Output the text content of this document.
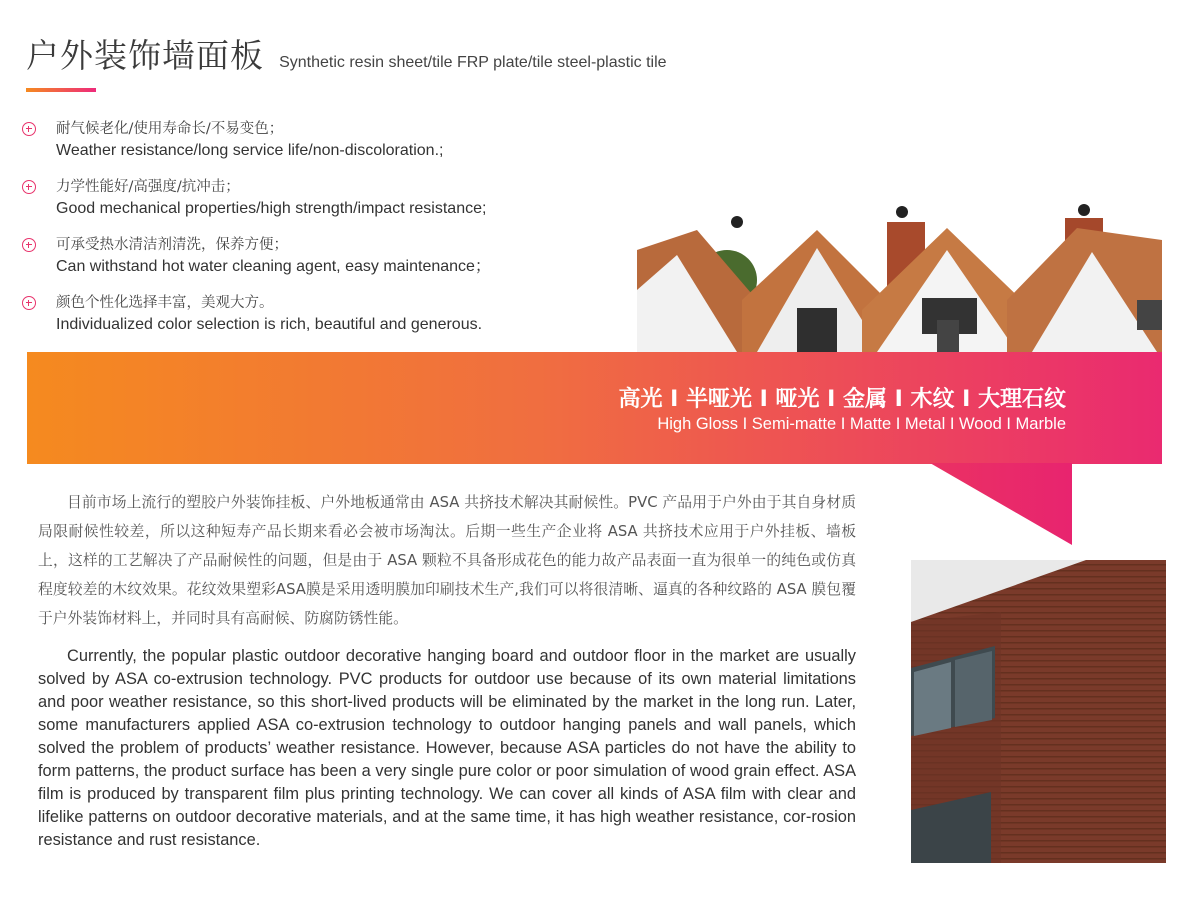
户外装饰墙面板 Synthetic resin sheet/tile FRP plate/tile steel-plastic tile
耐气候老化/使用寿命长/不易变色；
Weather resistance/long service life/non-discoloration.;
力学性能好/高强度/抗冲击；
Good mechanical properties/high strength/impact resistance;
可承受热水清洁剂清洗，保养方便；
Can withstand hot water cleaning agent, easy maintenance；
颜色个性化选择丰富，美观大方。
Individualized color selection is rich, beautiful and generous.
高光 I 半哑光 I 哑光 I 金属 I 木纹 I 大理石纹
High Gloss I Semi-matte I Matte I Metal I Wood I Marble
目前市场上流行的塑胶户外装饰挂板、户外地板通常由 ASA 共挤技术解决其耐候性。PVC 产品用于户外由于其自身材质局限耐候性较差，所以这种短寿产品长期来看必会被市场淘汰。后期一些生产企业将 ASA 共挤技术应用于户外挂板、墙板上，这样的工艺解决了产品耐候性的问题，但是由于 ASA 颗粒不具备形成花色的能力故产品表面一直为很单一的纯色或仿真程度较差的木纹效果。花纹效果塑彩ASA膜是采用透明膜加印刷技术生产,我们可以将很清晰、逼真的各种纹路的 ASA 膜包覆于户外装饰材料上，并同时具有高耐候、防腐防锈性能。
Currently, the popular plastic outdoor decorative hanging board and outdoor floor in the market are usually solved by ASA co-extrusion technology. PVC products for outdoor use because of its own material limitations and poor weather resistance, so this short-lived products will be eliminated by the market in the long run. Later, some manufacturers applied ASA co-extrusion technology to outdoor hanging panels and wall panels, which solved the problem of products’ weather resistance. However, because ASA particles do not have the ability to form patterns, the product surface has been a very single pure color or poor simulation of wood grain effect. ASA film is produced by transparent film plus printing technology. We can cover all kinds of ASA film with clear and lifelike patterns on outdoor decorative materials, and at the same time, it has high weather resistance, cor-rosion resistance and rust resistance.
